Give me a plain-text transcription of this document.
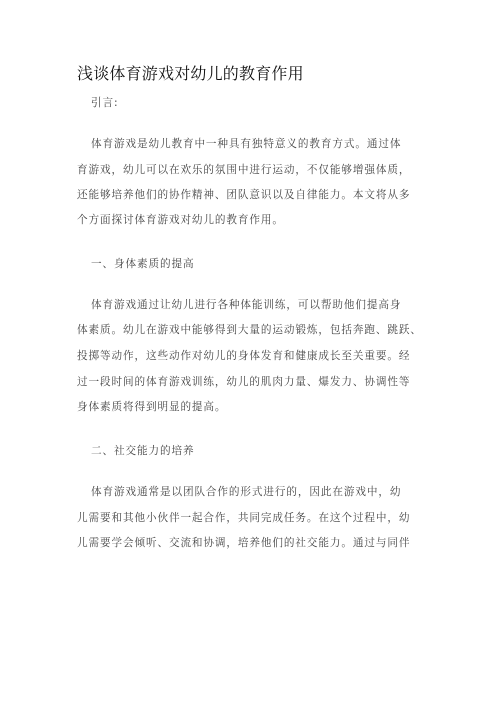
浅谈体育游戏对幼儿的教育作用
引言:
体育游戏是幼儿教育中一种具有独特意义的教育方式。通过体
育游戏，幼儿可以在欢乐的氛围中进行运动，不仅能够增强体质，
还能够培养他们的协作精神、团队意识以及自律能力。本文将从多
个方面探讨体育游戏对幼儿的教育作用。
一、身体素质的提高
体育游戏通过让幼儿进行各种体能训练，可以帮助他们提高身
体素质。幼儿在游戏中能够得到大量的运动锻炼，包括奔跑、跳跃、
投掷等动作，这些动作对幼儿的身体发育和健康成长至关重要。经
过一段时间的体育游戏训练，幼儿的肌肉力量、爆发力、协调性等
身体素质将得到明显的提高。
二、社交能力的培养
体育游戏通常是以团队合作的形式进行的，因此在游戏中，幼
儿需要和其他小伙伴一起合作，共同完成任务。在这个过程中，幼
儿需要学会倾听、交流和协调，培养他们的社交能力。通过与同伴
